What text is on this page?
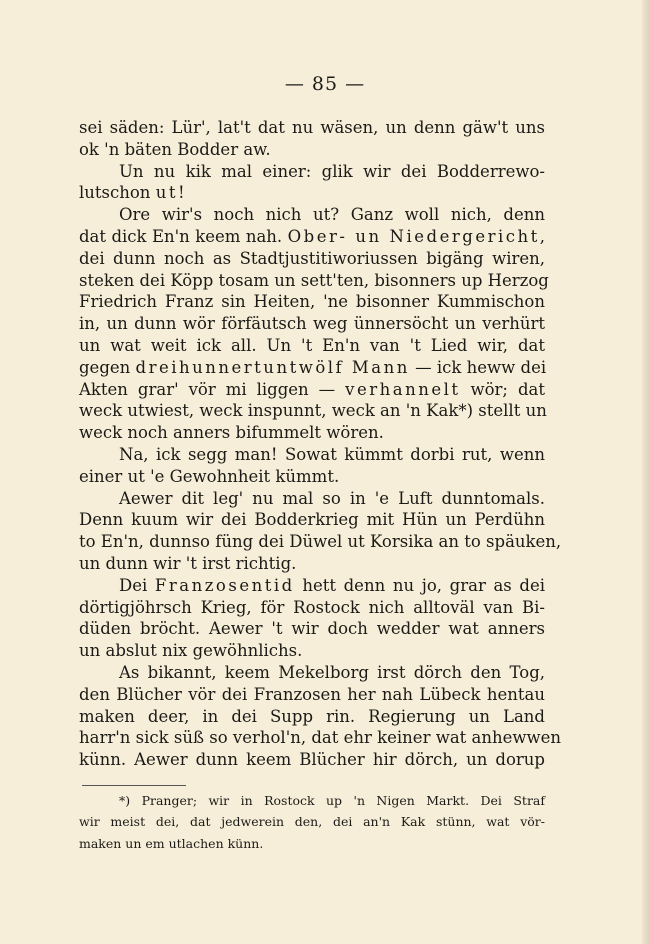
— 85 —
sei säden: Lür', lat't dat nu wäsen, un denn gäw't uns
ok 'n bäten Bodder aw.
Un nu kik mal einer: glik wir dei Bodderrewo-
lutschon ut!
Ore wir's noch nich ut? Ganz woll nich, denn
dat dick En'n keem nah. Ober- un Niedergericht,
dei dunn noch as Stadtjustitiworiussen bigäng wiren,
steken dei Köpp tosam un sett'ten, bisonners up Herzog
Friedrich Franz sin Heiten, 'ne bisonner Kummischon
in, un dunn wör förfäutsch weg ünnersöcht un verhürt
un wat weit ick all. Un 't En'n van 't Lied wir, dat
gegen dreihunnertuntwölf Mann — ick heww dei
Akten grar' vör mi liggen — verhannelt wör; dat
weck utwiest, weck inspunnt, weck an 'n Kak*) stellt un
weck noch anners bifummelt wören.
Na, ick segg man! Sowat kümmt dorbi rut, wenn
einer ut 'e Gewohnheit kümmt.
Aewer dit leg' nu mal so in 'e Luft dunntomals.
Denn kuum wir dei Bodderkrieg mit Hün un Perdühn
to En'n, dunnso füng dei Düwel ut Korsika an to späuken,
un dunn wir 't irst richtig.
Dei Franzosentid hett denn nu jo, grar as dei
dörtigjöhrsch Krieg, för Rostock nich alltoväl van Bi-
düden bröcht. Aewer 't wir doch wedder wat anners
un abslut nix gewöhnlichs.
As bikannt, keem Mekelborg irst dörch den Tog,
den Blücher vör dei Franzosen her nah Lübeck hentau
maken deer, in dei Supp rin. Regierung un Land
harr'n sick süß so verhol'n, dat ehr keiner wat anhewwen
künn. Aewer dunn keem Blücher hir dörch, un dorup
*) Pranger; wir in Rostock up 'n Nigen Markt. Dei Straf
wir meist dei, dat jedwerein den, dei an'n Kak stünn, wat vör-
maken un em utlachen künn.
